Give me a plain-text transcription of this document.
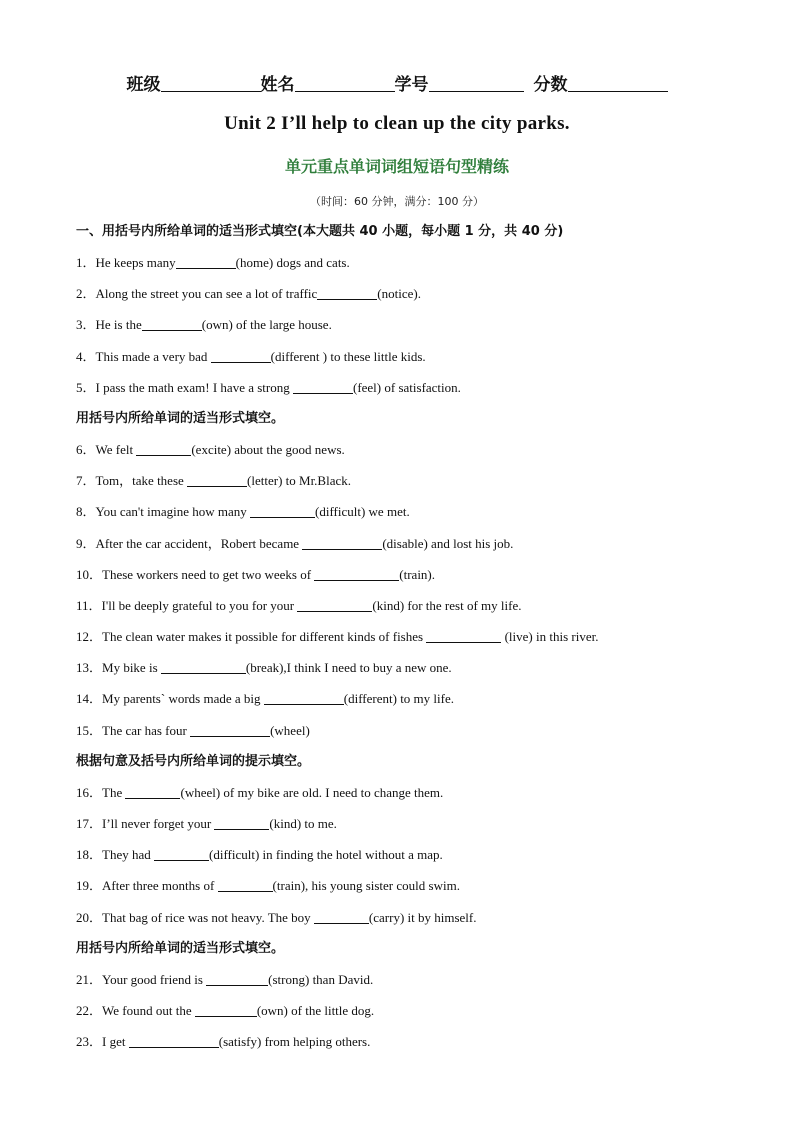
班级	姓名	学号	分数
Unit 2 I’ll help to clean up the city parks.
单元重点单词词组短语句型精练
（时间：60 分钟，满分：100 分）
一、用括号内所给单词的适当形式填空(本大题共 40 小题，每小题 1 分，共 40 分)
1．He keeps many	(home) dogs and cats.
2．Along the street you can see a lot of traffic	(notice).
3．He is the	(own) of the large house.
4．This made a very bad	(different ) to these little kids.
5．I pass the math exam! I have a strong	(feel) of satisfaction.
用括号内所给单词的适当形式填空。
6．We felt	(excite) about the good news.
7．Tom，take these	(letter) to Mr.Black.
8．You can't imagine how many	(difficult) we met.
9．After the car accident，Robert became	(disable) and lost his job.
10．These workers need to get two weeks of	(train).
11．I'll be deeply grateful to you for your	(kind) for the rest of my life.
12．The clean water makes it possible for different kinds of fishes	(live) in this river.
13．My bike is	(break),I think I need to buy a new one.
14．My parents` words made a big	(different) to my life.
15．The car has four	(wheel)
根据句意及括号内所给单词的提示填空。
16．The	(wheel) of my bike are old. I need to change them.
17．I’ll never forget your	(kind) to me.
18．They had	(difficult) in finding the hotel without a map.
19．After three months of	(train), his young sister could swim.
20．That bag of rice was not heavy. The boy	(carry) it by himself.
用括号内所给单词的适当形式填空。
21．Your good friend is	(strong) than David.
22．We found out the	(own) of the little dog.
23．I get	(satisfy) from helping others.
